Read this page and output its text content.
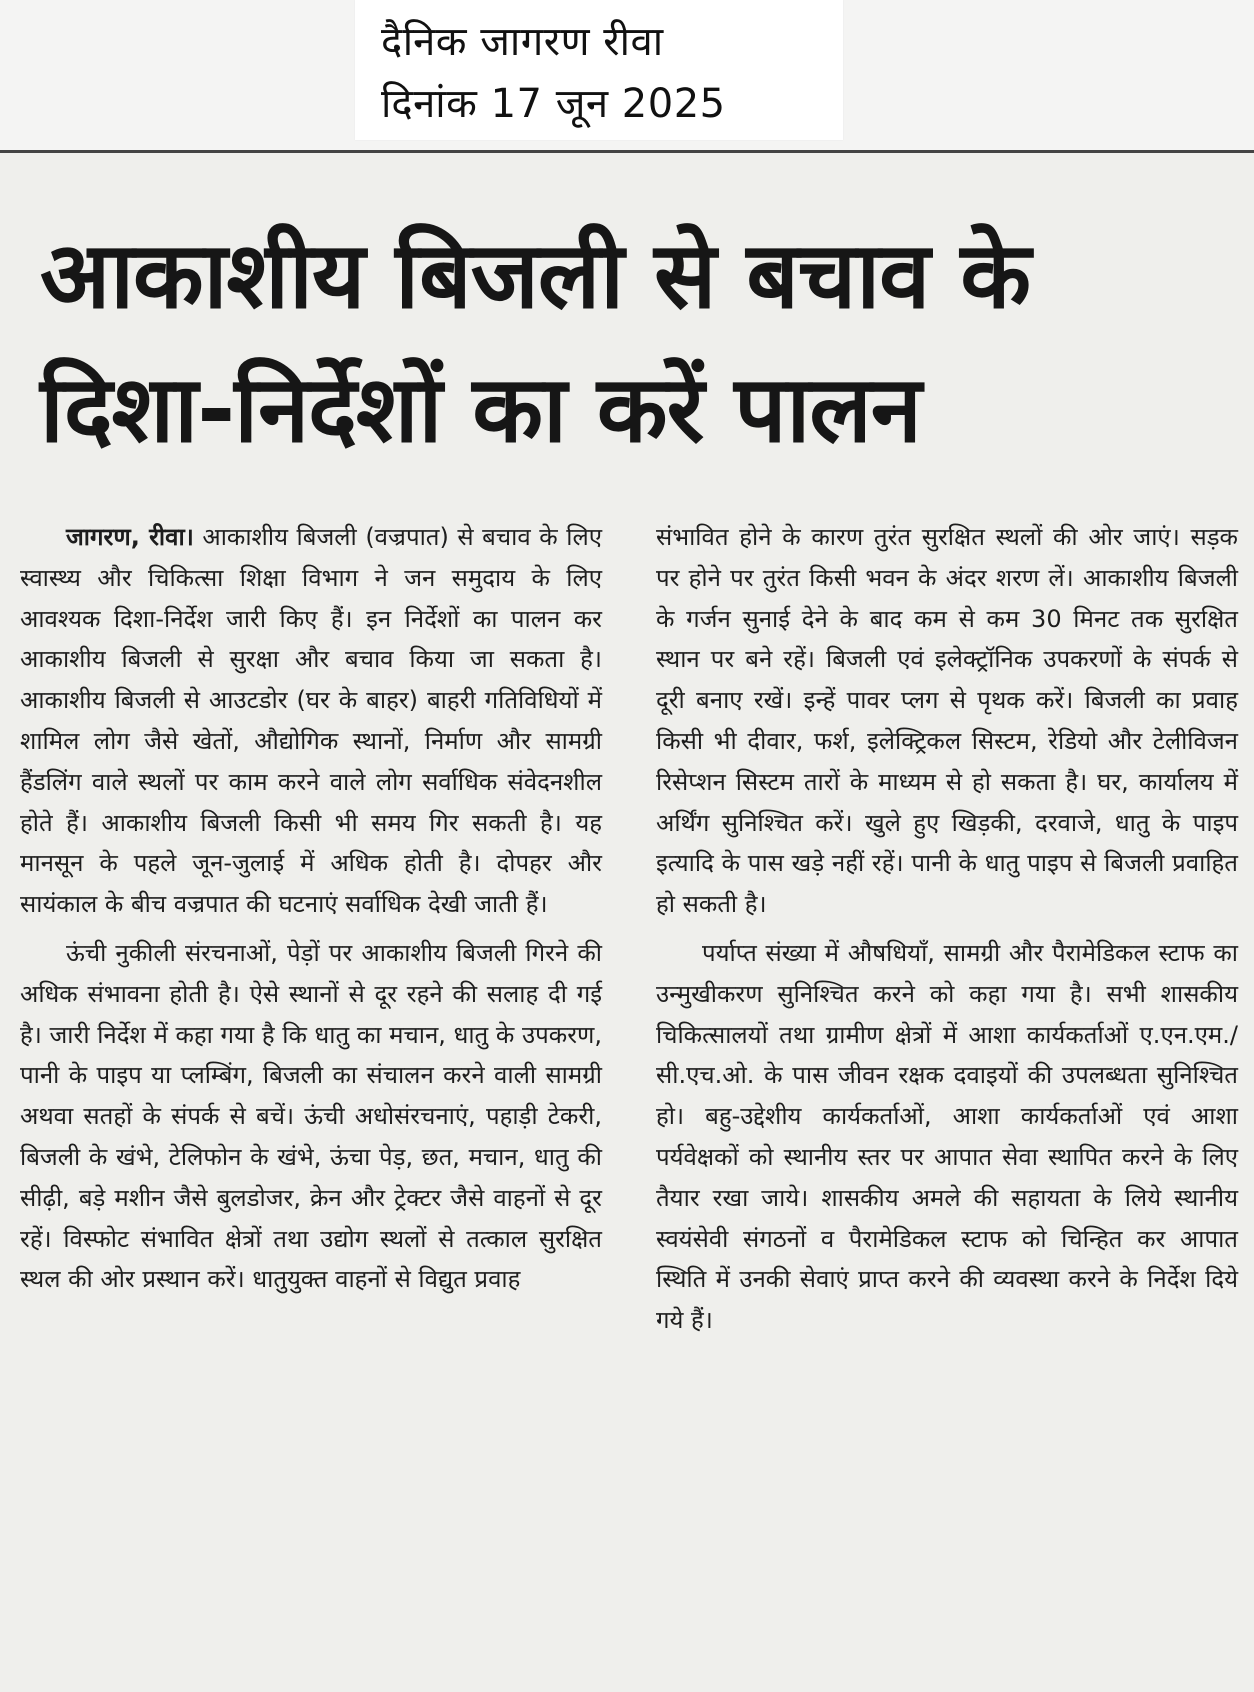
दैनिक जागरण रीवा
दिनांक 17 जून 2025
आकाशीय बिजली से बचाव के
दिशा-निर्देशों का करें पालन

जागरण, रीवा। आकाशीय बिजली (वज्रपात) से बचाव के लिए स्वास्थ्य और चिकित्सा शिक्षा विभाग ने जन समुदाय के लिए आवश्यक दिशा-निर्देश जारी किए हैं। इन निर्देशों का पालन कर आकाशीय बिजली से सुरक्षा और बचाव किया जा सकता है। आकाशीय बिजली से आउटडोर (घर के बाहर) बाहरी गतिविधियों में शामिल लोग जैसे खेतों, औद्योगिक स्थानों, निर्माण और सामग्री हैंडलिंग वाले स्थलों पर काम करने वाले लोग सर्वाधिक संवेदनशील होते हैं। आकाशीय बिजली किसी भी समय गिर सकती है। यह मानसून के पहले जून-जुलाई में अधिक होती है। दोपहर और सायंकाल के बीच वज्रपात की घटनाएं सर्वाधिक देखी जाती हैं।

ऊंची नुकीली संरचनाओं, पेड़ों पर आकाशीय बिजली गिरने की अधिक संभावना होती है। ऐसे स्थानों से दूर रहने की सलाह दी गई है। जारी निर्देश में कहा गया है कि धातु का मचान, धातु के उपकरण, पानी के पाइप या प्लम्बिंग, बिजली का संचालन करने वाली सामग्री अथवा सतहों के संपर्क से बचें। ऊंची अधोसंरचनाएं, पहाड़ी टेकरी, बिजली के खंभे, टेलिफोन के खंभे, ऊंचा पेड़, छत, मचान, धातु की सीढ़ी, बड़े मशीन जैसे बुलडोजर, क्रेन और ट्रेक्टर जैसे वाहनों से दूर रहें। विस्फोट संभावित क्षेत्रों तथा उद्योग स्थलों से तत्काल सुरक्षित स्थल की ओर प्रस्थान करें। धातुयुक्त वाहनों से विद्युत प्रवाह

संभावित होने के कारण तुरंत सुरक्षित स्थलों की ओर जाएं। सड़क पर होने पर तुरंत किसी भवन के अंदर शरण लें। आकाशीय बिजली के गर्जन सुनाई देने के बाद कम से कम 30 मिनट तक सुरक्षित स्थान पर बने रहें। बिजली एवं इलेक्ट्रॉनिक उपकरणों के संपर्क से दूरी बनाए रखें। इन्हें पावर प्लग से पृथक करें। बिजली का प्रवाह किसी भी दीवार, फर्श, इलेक्ट्रिकल सिस्टम, रेडियो और टेलीविजन रिसेप्शन सिस्टम तारों के माध्यम से हो सकता है। घर, कार्यालय में अर्थिंग सुनिश्चित करें। खुले हुए खिड़की, दरवाजे, धातु के पाइप इत्यादि के पास खड़े नहीं रहें। पानी के धातु पाइप से बिजली प्रवाहित हो सकती है।

पर्याप्त संख्या में औषधियाँ, सामग्री और पैरामेडिकल स्टाफ का उन्मुखीकरण सुनिश्चित करने को कहा गया है। सभी शासकीय चिकित्सालयों तथा ग्रामीण क्षेत्रों में आशा कार्यकर्ताओं ए.एन.एम./सी.एच.ओ. के पास जीवन रक्षक दवाइयों की उपलब्धता सुनिश्चित हो। बहु-उद्देशीय कार्यकर्ताओं, आशा कार्यकर्ताओं एवं आशा पर्यवेक्षकों को स्थानीय स्तर पर आपात सेवा स्थापित करने के लिए तैयार रखा जाये। शासकीय अमले की सहायता के लिये स्थानीय स्वयंसेवी संगठनों व पैरामेडिकल स्टाफ को चिन्हित कर आपात स्थिति में उनकी सेवाएं प्राप्त करने की व्यवस्था करने के निर्देश दिये गये हैं।
